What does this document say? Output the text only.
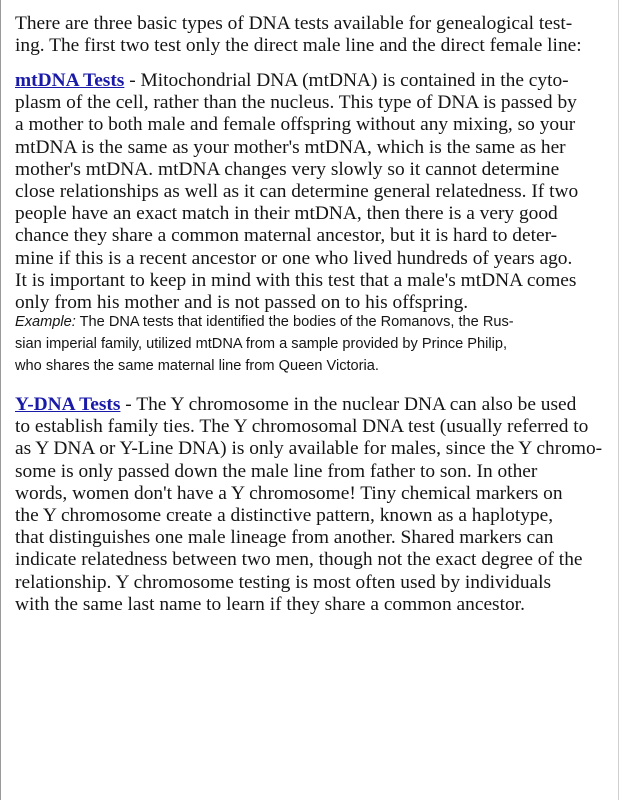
There are three basic types of DNA tests available for genealogical test-
ing. The first two test only the direct male line and the direct female line:

mtDNA Tests - Mitochondrial DNA (mtDNA) is contained in the cyto-
plasm of the cell, rather than the nucleus. This type of DNA is passed by
a mother to both male and female offspring without any mixing, so your
mtDNA is the same as your mother's mtDNA, which is the same as her
mother's mtDNA. mtDNA changes very slowly so it cannot determine
close relationships as well as it can determine general relatedness. If two
people have an exact match in their mtDNA, then there is a very good
chance they share a common maternal ancestor, but it is hard to deter-
mine if this is a recent ancestor or one who lived hundreds of years ago.
It is important to keep in mind with this test that a male's mtDNA comes
only from his mother and is not passed on to his offspring.

Example: The DNA tests that identified the bodies of the Romanovs, the Rus-
sian imperial family, utilized mtDNA from a sample provided by Prince Philip,
who shares the same maternal line from Queen Victoria.

Y-DNA Tests - The Y chromosome in the nuclear DNA can also be used
to establish family ties. The Y chromosomal DNA test (usually referred to
as Y DNA or Y-Line DNA) is only available for males, since the Y chromo-
some is only passed down the male line from father to son. In other
words, women don't have a Y chromosome! Tiny chemical markers on
the Y chromosome create a distinctive pattern, known as a haplotype,
that distinguishes one male lineage from another. Shared markers can
indicate relatedness between two men, though not the exact degree of the
relationship. Y chromosome testing is most often used by individuals
with the same last name to learn if they share a common ancestor.
